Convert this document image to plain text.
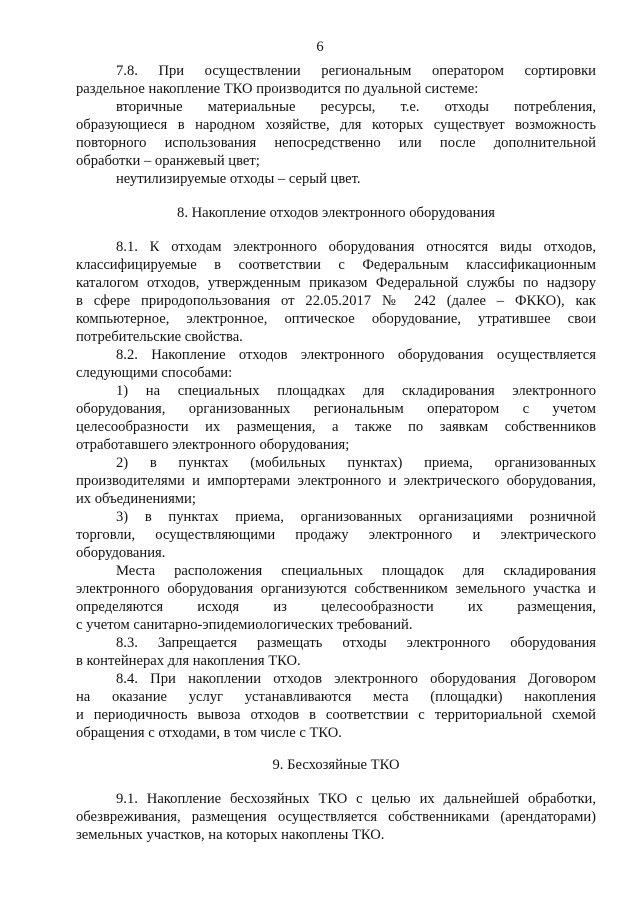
6
7.8. При осуществлении региональным оператором сортировки
раздельное накопление ТКО производится по дуальной системе:
вторичные материальные ресурсы, т.е. отходы потребления,
образующиеся в народном хозяйстве, для которых существует возможность
повторного использования непосредственно или после дополнительной
обработки – оранжевый цвет;
неутилизируемые отходы – серый цвет.
8. Накопление отходов электронного оборудования
8.1. К отходам электронного оборудования относятся виды отходов,
классифицируемые в соответствии с Федеральным классификационным
каталогом отходов, утвержденным приказом Федеральной службы по надзору
в сфере природопользования от 22.05.2017 № 242 (далее – ФККО), как
компьютерное, электронное, оптическое оборудование, утратившее свои
потребительские свойства.
8.2. Накопление отходов электронного оборудования осуществляется
следующими способами:
1) на специальных площадках для складирования электронного
оборудования, организованных региональным оператором с учетом
целесообразности их размещения, а также по заявкам собственников
отработавшего электронного оборудования;
2) в пунктах (мобильных пунктах) приема, организованных
производителями и импортерами электронного и электрического оборудования,
их объединениями;
3) в пунктах приема, организованных организациями розничной
торговли, осуществляющими продажу электронного и электрического
оборудования.
Места расположения специальных площадок для складирования
электронного оборудования организуются собственником земельного участка и
определяются исходя из целесообразности их размещения,
с учетом санитарно-эпидемиологических требований.
8.3. Запрещается размещать отходы электронного оборудования
в контейнерах для накопления ТКО.
8.4. При накоплении отходов электронного оборудования Договором
на оказание услуг устанавливаются места (площадки) накопления
и периодичность вывоза отходов в соответствии с территориальной схемой
обращения с отходами, в том числе с ТКО.
9. Бесхозяйные ТКО
9.1. Накопление бесхозяйных ТКО с целью их дальнейшей обработки,
обезвреживания, размещения осуществляется собственниками (арендаторами)
земельных участков, на которых накоплены ТКО.
